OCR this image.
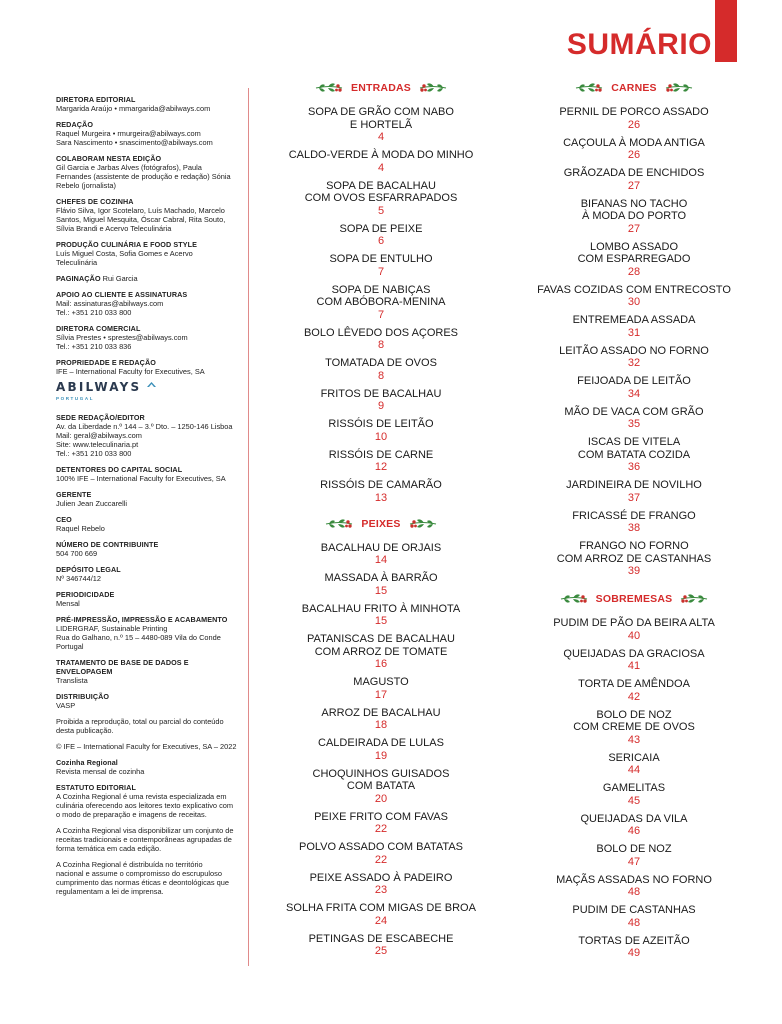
SUMÁRIO
DIRETORA EDITORIAL
Margarida Araújo • mmargarida@abilways.com
REDAÇÃO
Raquel Murgeira • rmurgeira@abilways.com
Sara Nascimento • snascimento@abilways.com
COLABORAM NESTA EDIÇÃO
Gil Garcia e Jarbas Alves (fotógrafos), Paula
Fernandes (assistente de produção e redação) Sónia
Rebelo (jornalista)
CHEFES DE COZINHA
Flávio Silva, Igor Scotelaro, Luís Machado, Marcelo
Santos, Miguel Mesquita, Óscar Cabral, Rita Souto,
Sílvia Brandi e Acervo Teleculinária
PRODUÇÃO CULINÁRIA E FOOD STYLE
Luís Miguel Costa, Sofia Gomes e Acervo
Teleculinária
PAGINAÇÃO Rui Garcia
APOIO AO CLIENTE E ASSINATURAS
Mail: assinaturas@abilways.com
Tel.: +351 210 033 800
DIRETORA COMERCIAL
Sílvia Prestes • sprestes@abilways.com
Tel.: +351 210 033 836
PROPRIEDADE E REDAÇÃO
IFE – International Faculty for Executives, SA
ABILWAYS
PORTUGAL
SEDE REDAÇÃO/EDITOR
Av. da Liberdade n.º 144 – 3.º Dto. – 1250-146 Lisboa
Mail: geral@abilways.com
Site: www.teleculinaria.pt
Tel.: +351 210 033 800
DETENTORES DO CAPITAL SOCIAL
100% IFE – International Faculty for Executives, SA
GERENTE
Julien Jean Zuccarelli
CEO
Raquel Rebelo
NÚMERO DE CONTRIBUINTE
504 700 669
DEPÓSITO LEGAL
Nº 346744/12
PERIODICIDADE
Mensal
PRÉ-IMPRESSÃO, IMPRESSÃO E ACABAMENTO
LIDERGRAF, Sustainable Printing
Rua do Galhano, n.º 15 – 4480-089 Vila do Conde
Portugal
TRATAMENTO DE BASE DE DADOS E ENVELOPAGEM
Translista
DISTRIBUIÇÃO
VASP
Proibida a reprodução, total ou parcial do conteúdo
desta publicação.
© IFE – International Faculty for Executives, SA – 2022
Cozinha Regional
Revista mensal de cozinha
ESTATUTO EDITORIAL
A Cozinha Regional é uma revista especializada em
culinária oferecendo aos leitores texto explicativo com
o modo de preparação e imagens de receitas.
A Cozinha Regional visa disponibilizar um conjunto de
receitas tradicionais e contemporâneas agrupadas de
forma temática em cada edição.
A Cozinha Regional é distribuída no território
nacional e assume o compromisso do escrupuloso
cumprimento das normas éticas e deontológicas que
regulamentam a lei de imprensa.
ENTRADAS
SOPA DE GRÃO COM NABO
E HORTELÃ
4
CALDO-VERDE À MODA DO MINHO
4
SOPA DE BACALHAU
COM OVOS ESFARRAPADOS
5
SOPA DE PEIXE
6
SOPA DE ENTULHO
7
SOPA DE NABIÇAS
COM ABÓBORA-MENINA
7
BOLO LÊVEDO DOS AÇORES
8
TOMATADA DE OVOS
8
FRITOS DE BACALHAU
9
RISSÓIS DE LEITÃO
10
RISSÓIS DE CARNE
12
RISSÓIS DE CAMARÃO
13
PEIXES
BACALHAU DE ORJAIS
14
MASSADA À BARRÃO
15
BACALHAU FRITO À MINHOTA
15
PATANISCAS DE BACALHAU
COM ARROZ DE TOMATE
16
MAGUSTO
17
ARROZ DE BACALHAU
18
CALDEIRADA DE LULAS
19
CHOQUINHOS GUISADOS
COM BATATA
20
PEIXE FRITO COM FAVAS
22
POLVO ASSADO COM BATATAS
22
PEIXE ASSADO À PADEIRO
23
SOLHA FRITA COM MIGAS DE BROA
24
PETINGAS DE ESCABECHE
25
CARNES
PERNIL DE PORCO ASSADO
26
CAÇOULA À MODA ANTIGA
26
GRÃOZADA DE ENCHIDOS
27
BIFANAS NO TACHO
À MODA DO PORTO
27
LOMBO ASSADO
COM ESPARREGADO
28
FAVAS COZIDAS COM ENTRECOSTO
30
ENTREMEADA ASSADA
31
LEITÃO ASSADO NO FORNO
32
FEIJOADA DE LEITÃO
34
MÃO DE VACA COM GRÃO
35
ISCAS DE VITELA
COM BATATA COZIDA
36
JARDINEIRA DE NOVILHO
37
FRICASSÉ DE FRANGO
38
FRANGO NO FORNO
COM ARROZ DE CASTANHAS
39
SOBREMESAS
PUDIM DE PÃO DA BEIRA ALTA
40
QUEIJADAS DA GRACIOSA
41
TORTA DE AMÊNDOA
42
BOLO DE NOZ
COM CREME DE OVOS
43
SERICAIA
44
GAMELITAS
45
QUEIJADAS DA VILA
46
BOLO DE NOZ
47
MAÇÃS ASSADAS NO FORNO
48
PUDIM DE CASTANHAS
48
TORTAS DE AZEITÃO
49
